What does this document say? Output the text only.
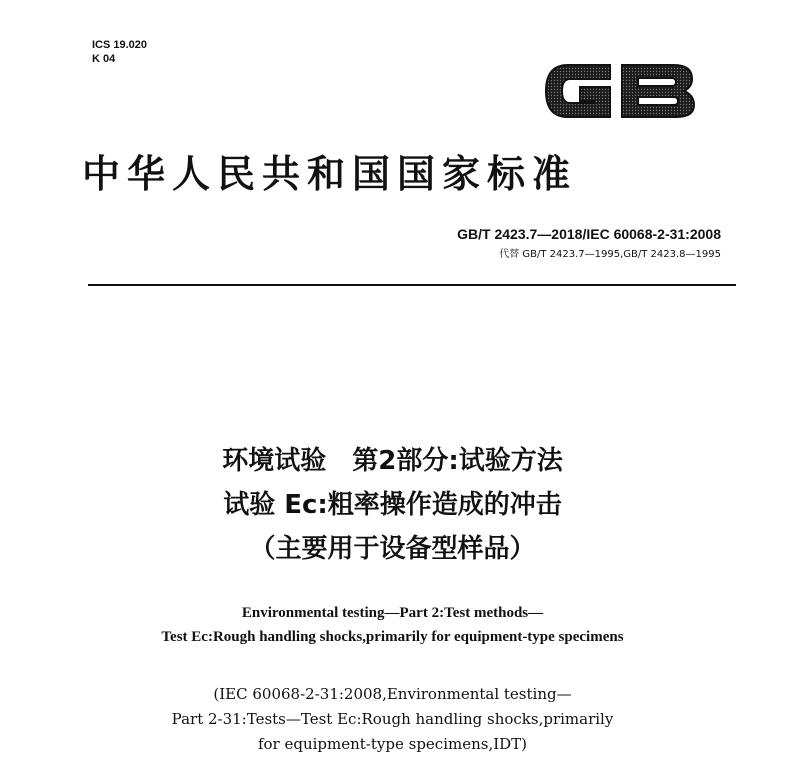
ICS 19.020
K 04
中华人民共和国国家标准
GB/T 2423.7—2018/IEC 60068-2-31:2008
代替 GB/T 2423.7—1995,GB/T 2423.8—1995
环境试验　第2部分:试验方法
试验 Ec:粗率操作造成的冲击
（主要用于设备型样品）
Environmental testing—Part 2:Test methods—
Test Ec:Rough handling shocks,primarily for equipment-type specimens
(IEC 60068-2-31:2008,Environmental testing—
Part 2-31:Tests—Test Ec:Rough handling shocks,primarily
for equipment-type specimens,IDT)
